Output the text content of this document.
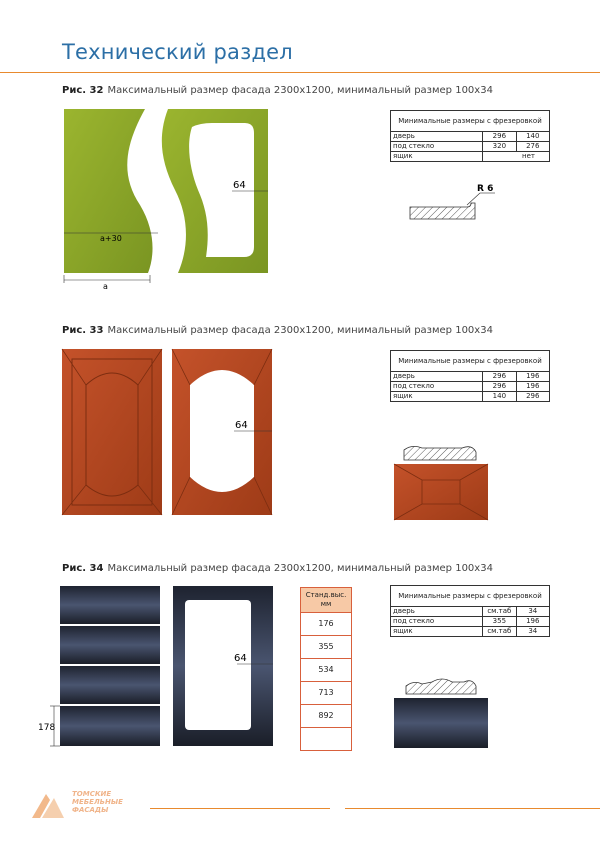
Технический раздел
Рис. 32 Максимальный размер фасада 2300x1200, минимальный размер 100x34
a+30
a
64
Минимальные размеры с фрезеровкой		
дверь	296	140
под стекло	320	276
ящик	нет	
R 6
Рис. 33 Максимальный размер фасада 2300x1200, минимальный размер 100x34
64
Минимальные размеры с фрезеровкой		
дверь	296	196
под стекло	296	196
ящик	140	296
Рис. 34 Максимальный размер фасада 2300x1200, минимальный размер 100x34
178
64
Станд.выс. мм
176
355
534
713
892
Минимальные размеры с фрезеровкой		
дверь	см.таб	34
под стекло	355	196
ящик	см.таб	34
ТОМСКИЕ МЕБЕЛЬНЫЕ ФАСАДЫ
